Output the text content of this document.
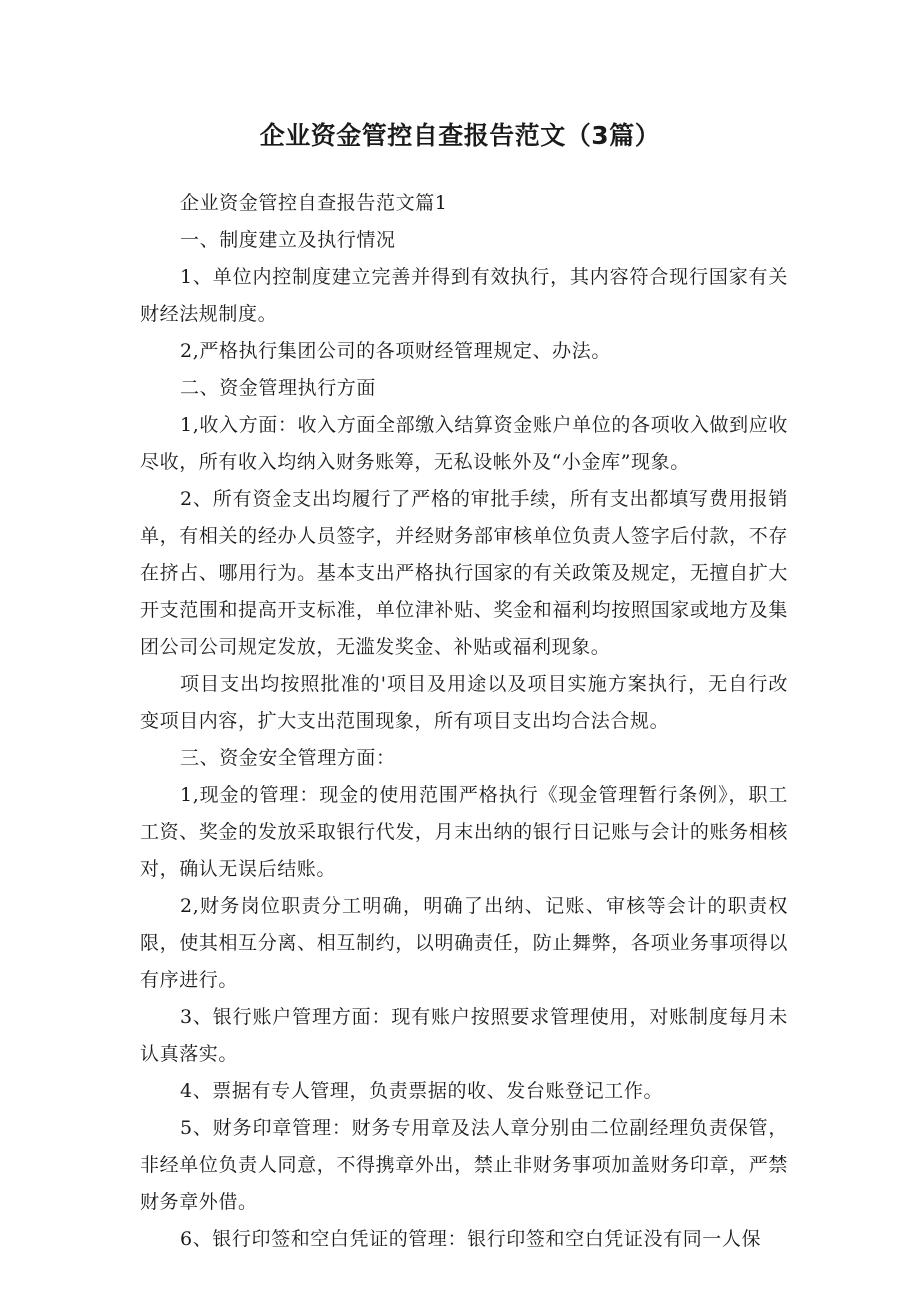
企业资金管控自查报告范文（3篇）

企业资金管控自查报告范文篇1

一、制度建立及执行情况

1、单位内控制度建立完善并得到有效执行，其内容符合现行国家有关财经法规制度。

2,严格执行集团公司的各项财经管理规定、办法。

二、资金管理执行方面

1,收入方面：收入方面全部缴入结算资金账户单位的各项收入做到应收尽收，所有收入均纳入财务账筹，无私设帐外及“小金库”现象。

2、所有资金支出均履行了严格的审批手续，所有支出都填写费用报销单，有相关的经办人员签字，并经财务部审核单位负责人签字后付款，不存在挤占、哪用行为。基本支出严格执行国家的有关政策及规定，无擅自扩大开支范围和提高开支标准，单位津补贴、奖金和福利均按照国家或地方及集团公司公司规定发放，无滥发奖金、补贴或福利现象。

项目支出均按照批准的'项目及用途以及项目实施方案执行，无自行改变项目内容，扩大支出范围现象，所有项目支出均合法合规。

三、资金安全管理方面：

1,现金的管理：现金的使用范围严格执行《现金管理暂行条例》，职工工资、奖金的发放采取银行代发，月末出纳的银行日记账与会计的账务相核对，确认无误后结账。

2,财务岗位职责分工明确，明确了出纳、记账、审核等会计的职责权限，使其相互分离、相互制约，以明确责任，防止舞弊，各项业务事项得以有序进行。

3、银行账户管理方面：现有账户按照要求管理使用，对账制度每月未认真落实。

4、票据有专人管理，负责票据的收、发台账登记工作。

5、财务印章管理：财务专用章及法人章分别由二位副经理负责保管，非经单位负责人同意，不得携章外出，禁止非财务事项加盖财务印章，严禁财务章外借。

6、银行印签和空白凭证的管理：银行印签和空白凭证没有同一人保
